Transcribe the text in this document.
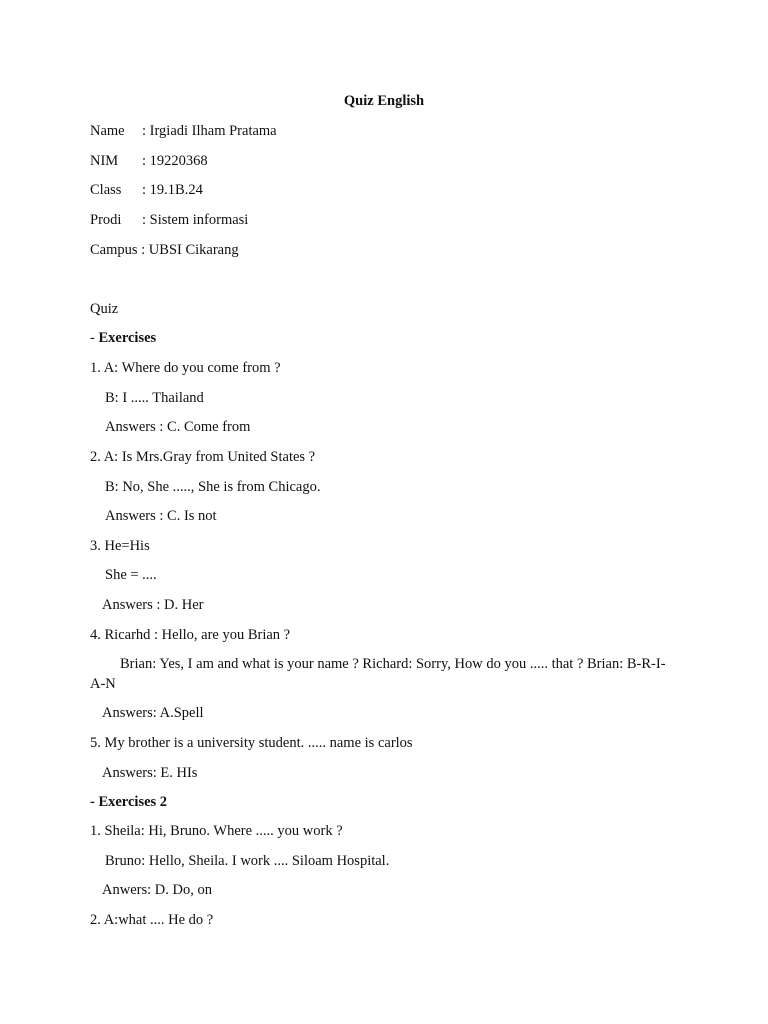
Quiz English
Name : Irgiadi Ilham Pratama
NIM : 19220368
Class : 19.1B.24
Prodi : Sistem informasi
Campus : UBSI Cikarang
Quiz
- Exercises
1. A: Where do you come from ?
B: I ..... Thailand
Answers : C. Come from
2. A: Is Mrs.Gray from United States ?
B: No, She ....., She is from Chicago.
Answers : C. Is not
3. He=His
She = ....
Answers : D. Her
4. Ricarhd : Hello, are you Brian ?
Brian: Yes, I am and what is your name ? Richard: Sorry, How do you ..... that ? Brian: B-R-I-A-N
Answers: A.Spell
5. My brother is a university student. ..... name is carlos
Answers: E. HIs
- Exercises 2
1. Sheila: Hi, Bruno. Where ..... you work ?
Bruno: Hello, Sheila. I work .... Siloam Hospital.
Anwers: D. Do, on
2. A:what .... He do ?
